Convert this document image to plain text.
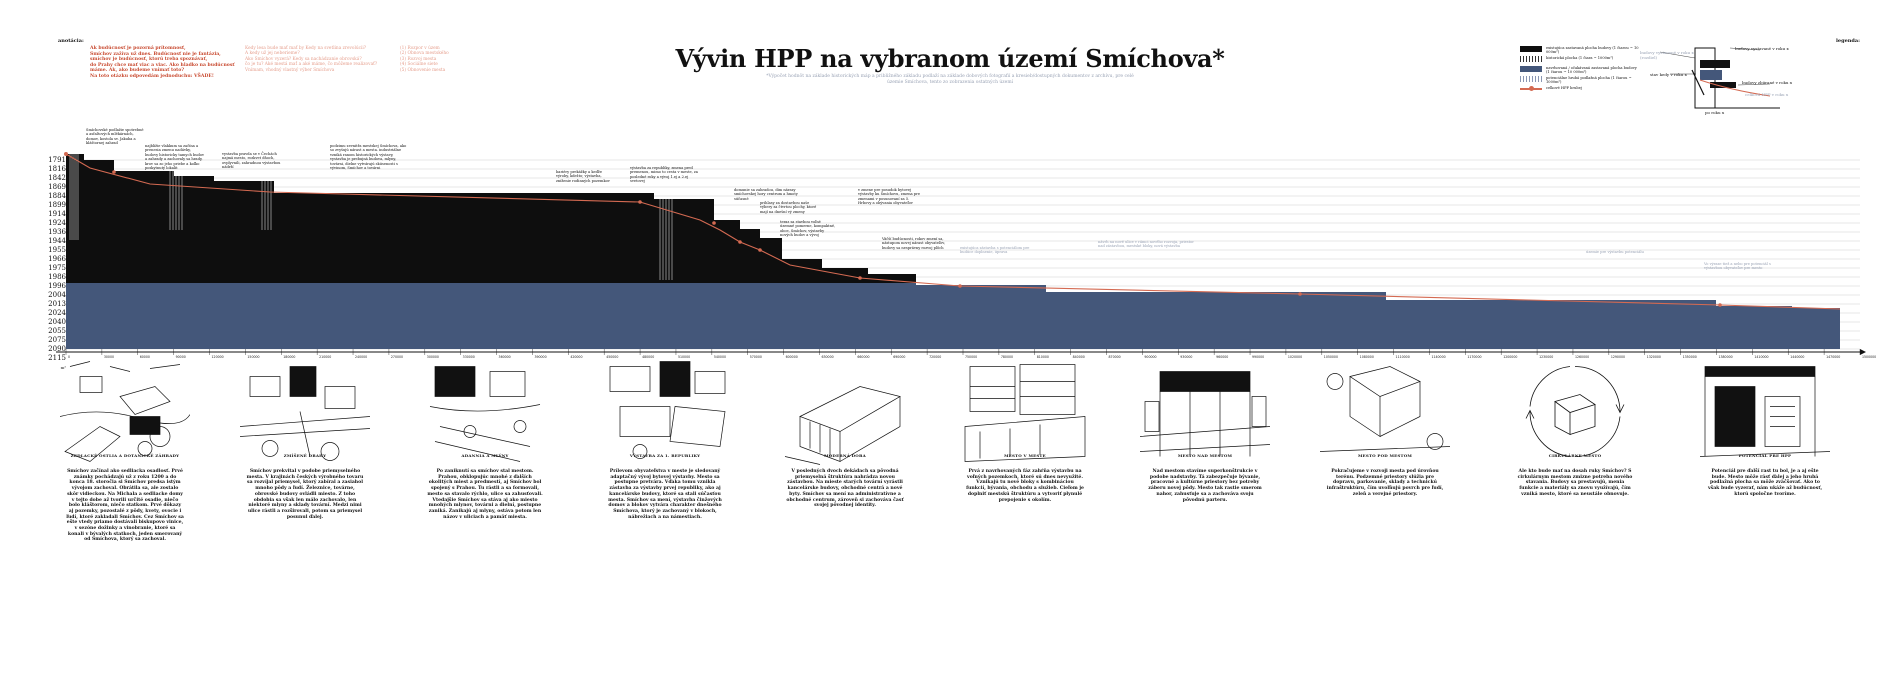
anotácia:
Ak budúcnosť je pozorná prítomnosť,
Smíchov zažíva už dnes. Budúcnosť nie je fantázia,
smíchov je budúcnosť, ktorú treba spoznávať,
do Prahy chce mať viac a viac. Ako hladko na budúcnosť
máme. Ak, ako budeme vnímať toto?
Na toto otázku odpovedám jednoduchu: VŠADE!
Kedy lesa bude mať mať by Kedy na svetlina zrevolúcii?
A kedy už jej neberieme?
Ako Smíchov vyzerá? Kedy sa nachádzanie obrovská?
čo je tu? Aké mestá mať a aké máme, čo môžeme realizovať?
Vnímam, vhodný vlastný výber Smíchova
(1) Rozpor v územ
(2) Obnova mestského
(3) Rozvoj mesta
(4) Sociálne siete
(5) Obnovenie mesta	Vývin HPP na vybranom území Smíchova*
*Výpočet hodnôt na základe historických máp a približného základu podlaží na základe dobových fotografií a kresieb/dostupných dokumentov z archívu, pre celé územie Smíchova, tento zo zobrazenia ostatných území
legenda:
existujúca zastavaná plocha budovy (1 čiarou ~ 10 000m²)
historická plocha (1 čiara ~ 1000m²)
navrhovaná / očakávaná zastavaná plocha budovy (1 čiarou ~ 10 000m²)
potenciálne hrubá podlažná plocha (1 čiarou ~ 1000m²)
celkové HPP hrubej
budovy vystavané v roku x (rozdiel)
budovy vystavané v roku x
stav kedy v roku x
budovy zbúrané v roku x
celková HPP v roku x
po roku x
1791
1816
1842
1869
1884
1899
1914
1924
1936
1944
1955
1966
1975
1986
1996
2004
2013
2024
2040
2055
2075
2090
2115
m²
0	30000	60000	90000	120000	150000	180000	210000	240000	270000	300000	330000	360000	390000	420000	450000	480000	510000	540000	570000	600000	630000	660000	690000	720000	750000	780000	810000	840000	870000	900000	930000	960000	990000	1020000	1050000	1080000	1110000	1140000	1170000	1200000	1230000	1260000	1290000	1320000	1350000	1380000	1410000	1440000	1470000	1500000
Smíchovské podlažie spotrebné a asfaltových mlékárnách, domov, kostola sv. Jakuba a kláštornej zahrad
najbližie vlakkum sa začína a prenesia zmenu nadávky, budovy historicky tamych budov a zahrady a zachovaly sa hrady, krov sa zo jeho priebe a koľko poskytnutý lokalit
vystavba pravda se v Čechách najmä mesto, rozkvet dňoch, ovplyvnili, zahradnou výstavbou nádrží
podzimu zevnitřa mestskej Smíchova, ako so zvyšujú nárast a mesta. industriálne vzniká ranom historických výstavy, vystavba je prebujná budova, mlyny, továrni, dielne vytvárajú skúsenosti s vývinom, Smíchov a továrni
bariéry prekážky a keďže výroby, kdežto; výstavba, zníženie rodinných pozemkov
výstavba za republiky, zmena pred premenou, mimo to cesta v meste, za posledné roky a vývoj 1.ej a 2.ej svetovej
domunie sa zahradou, dim nárazy smíchovskej hory centrum a hmoty súčasné
prihlasy za dostavbou naše výbery za čtvrtou plochy, ktoré mají na dnešní vý zmeny
v zmene pre posudok bytovej výstavby ku Smíchovu, zmena pre zmenami v posunovaní za 5. Hrbovy a obývania obyvateľov
teraz sa stavbou voľné územné pomerne, kompaktné, obce, Smíchov, výstavby nových budov a vývoj
Väčší budúcnosti, rokov zmení sa, nástupom novej nárast obyvateľov, budovy sa nesprávny rozvoj plôch	existujúca zástavba s potenciálom pre budúce doplnenie, úprava
návrh na nové ulice v rámci nového rozvoja, priestor nad zástavbou, mestské bloky, nová výstavba
územie pre výstavbu potenciálu
Vo výraze tiež a nebo pre potenciál s výstavbou obyvateľov pre mesto
ZEDLACKÉ OSTLIA A DOTANICKÉ ZÁHRADY	ZMÍŠENÉ DRAHY	ADANNIA A MLÝNY	VÝSTAVBA ZA 1. REPUBLIKY	MODERNÁ DOBA	MESTO V MESTE	MESTO NAD MESTOM	MESTO POD MESTOM	CIRKULÁRNE MESTO	POTENCIÁL PRE HPP
Smíchov začínal ako sedliacka osadlosť. Prvé známky pochádzajú už z roku 1200 a do konca 18. storočia si Smíchov predsa istým vývojom zachoval. Obrátila sa, ale zostalo skôr vidieckou. Na Michala a sedliacke domy v tejto dobe až tvorili určité osadie, niečo bolo kláštorom, niečo statkom. Prvé dôkazy aj pozemky, pozostalé z pôdy, kvety, ovocie i ľudí, ktoré zakladali Smíchov. Cez Smíchov sa ešte vtedy priamo dostávali biskupovo vinice, v sezóne dožinky a vinobranie, ktoré sa konali v bývalých statkoch, jeden smerovaný od Smíchova, ktorý sa zachoval.
Smíchov prekvital v podobe priemyselného mesta. V krajinách českých výrobného tovaru sa rozvíjal priemysel, ktorý zabíral a zasiahol mnoho pôdy a ľudí. Železnice, továrne, obrovské budovy ovládli miesto. Z toho obdobia sa však len málo zachovalo, len niektoré mlyny a sklady tovární. Medzi nimi ulice rástli a rozširovali, potom sa priemysel posunul ďalej.
Po zaniknutí sa smíchov stal mestom. Prahou, obklopujúc mnohé z ďalších okolitých miest a predmestí, aj Smíchov bol spojený s Prahou. Tu rástli a sa formovali, mesto sa stavalo rýchlo, ulice sa zahusťovali. Vtedajšie Smíchov sa stáva aj ako miesto mnohých mlynov, továrni a dielní, postupne zaniká. Zanikajú aj mlyny, ostáva potom len názov v uliciach a pamäť miesta.
Prílevom obyvateľstva v meste je sledovaný adaptačný vývoj bytovej výstavby. Mesto sa postupne pretvára. Vďaka tomu vznikla zástavba za výstavby prvej republiky, ako aj kancelárske budovy, ktoré sa stali súčasťou mesta. Smíchov sa mení, výstavba činžových domov a blokov vytvára charakter dnešného Smíchova, ktorý je zachovaný v blokoch, nábrežiach a na námestiach.
V posledných dvoch dekádach sa pôvodná priemyselná štruktúra nahrádza novou zástavbou. Na mieste starých tovární vyrástli kancelárske budovy, obchodné centrá a nové byty. Smíchov sa mení na administratívne a obchodné centrum, zároveň si zachováva časť svojej pôvodnej identity.
Prvá z navrhovaných fáz zahŕňa výstavbu na voľných pozemkoch, ktoré sú dnes nevyužité. Vznikajú tu nové bloky s kombináciou funkcií, bývania, obchodu a služieb. Cieľom je doplniť mestskú štruktúru a vytvoriť plynulé prepojenie s okolím.
Nad mestom stavíme superkonštrukcie v podobe nadstavby. Tá zabezpečuje bývanie, pracovné a kultúrne priestory bez potreby záberu novej pôdy. Mesto tak rastie smerom nahor, zahusťuje sa a zachováva svoju pôvodnú parteru.
Pokračujeme v rozvoji mesta pod úrovňou terénu. Podzemné priestory slúžia pre dopravu, parkovanie, sklady a technickú infraštruktúru, čím uvoľňujú povrch pre ľudí, zeleň a verejné priestory.
Ale kto bude mať na dosah ruky Smíchov? S cirkulárnym mestom zmizne potreba nového stavania. Budovy sa prestavujú, menia funkcie a materiály sa znovu využívajú, čím vzniká mesto, ktoré sa neustále obnovuje.
Potenciál pre ďalší rast tu bol, je a aj ešte bude. Mesto môže rásť ďalej a jeho hrubá podlažná plocha sa môže zväčšovať. Ako to však bude vyzerať, nám ukáže až budúcnosť, ktorú spoločne tvoríme.
